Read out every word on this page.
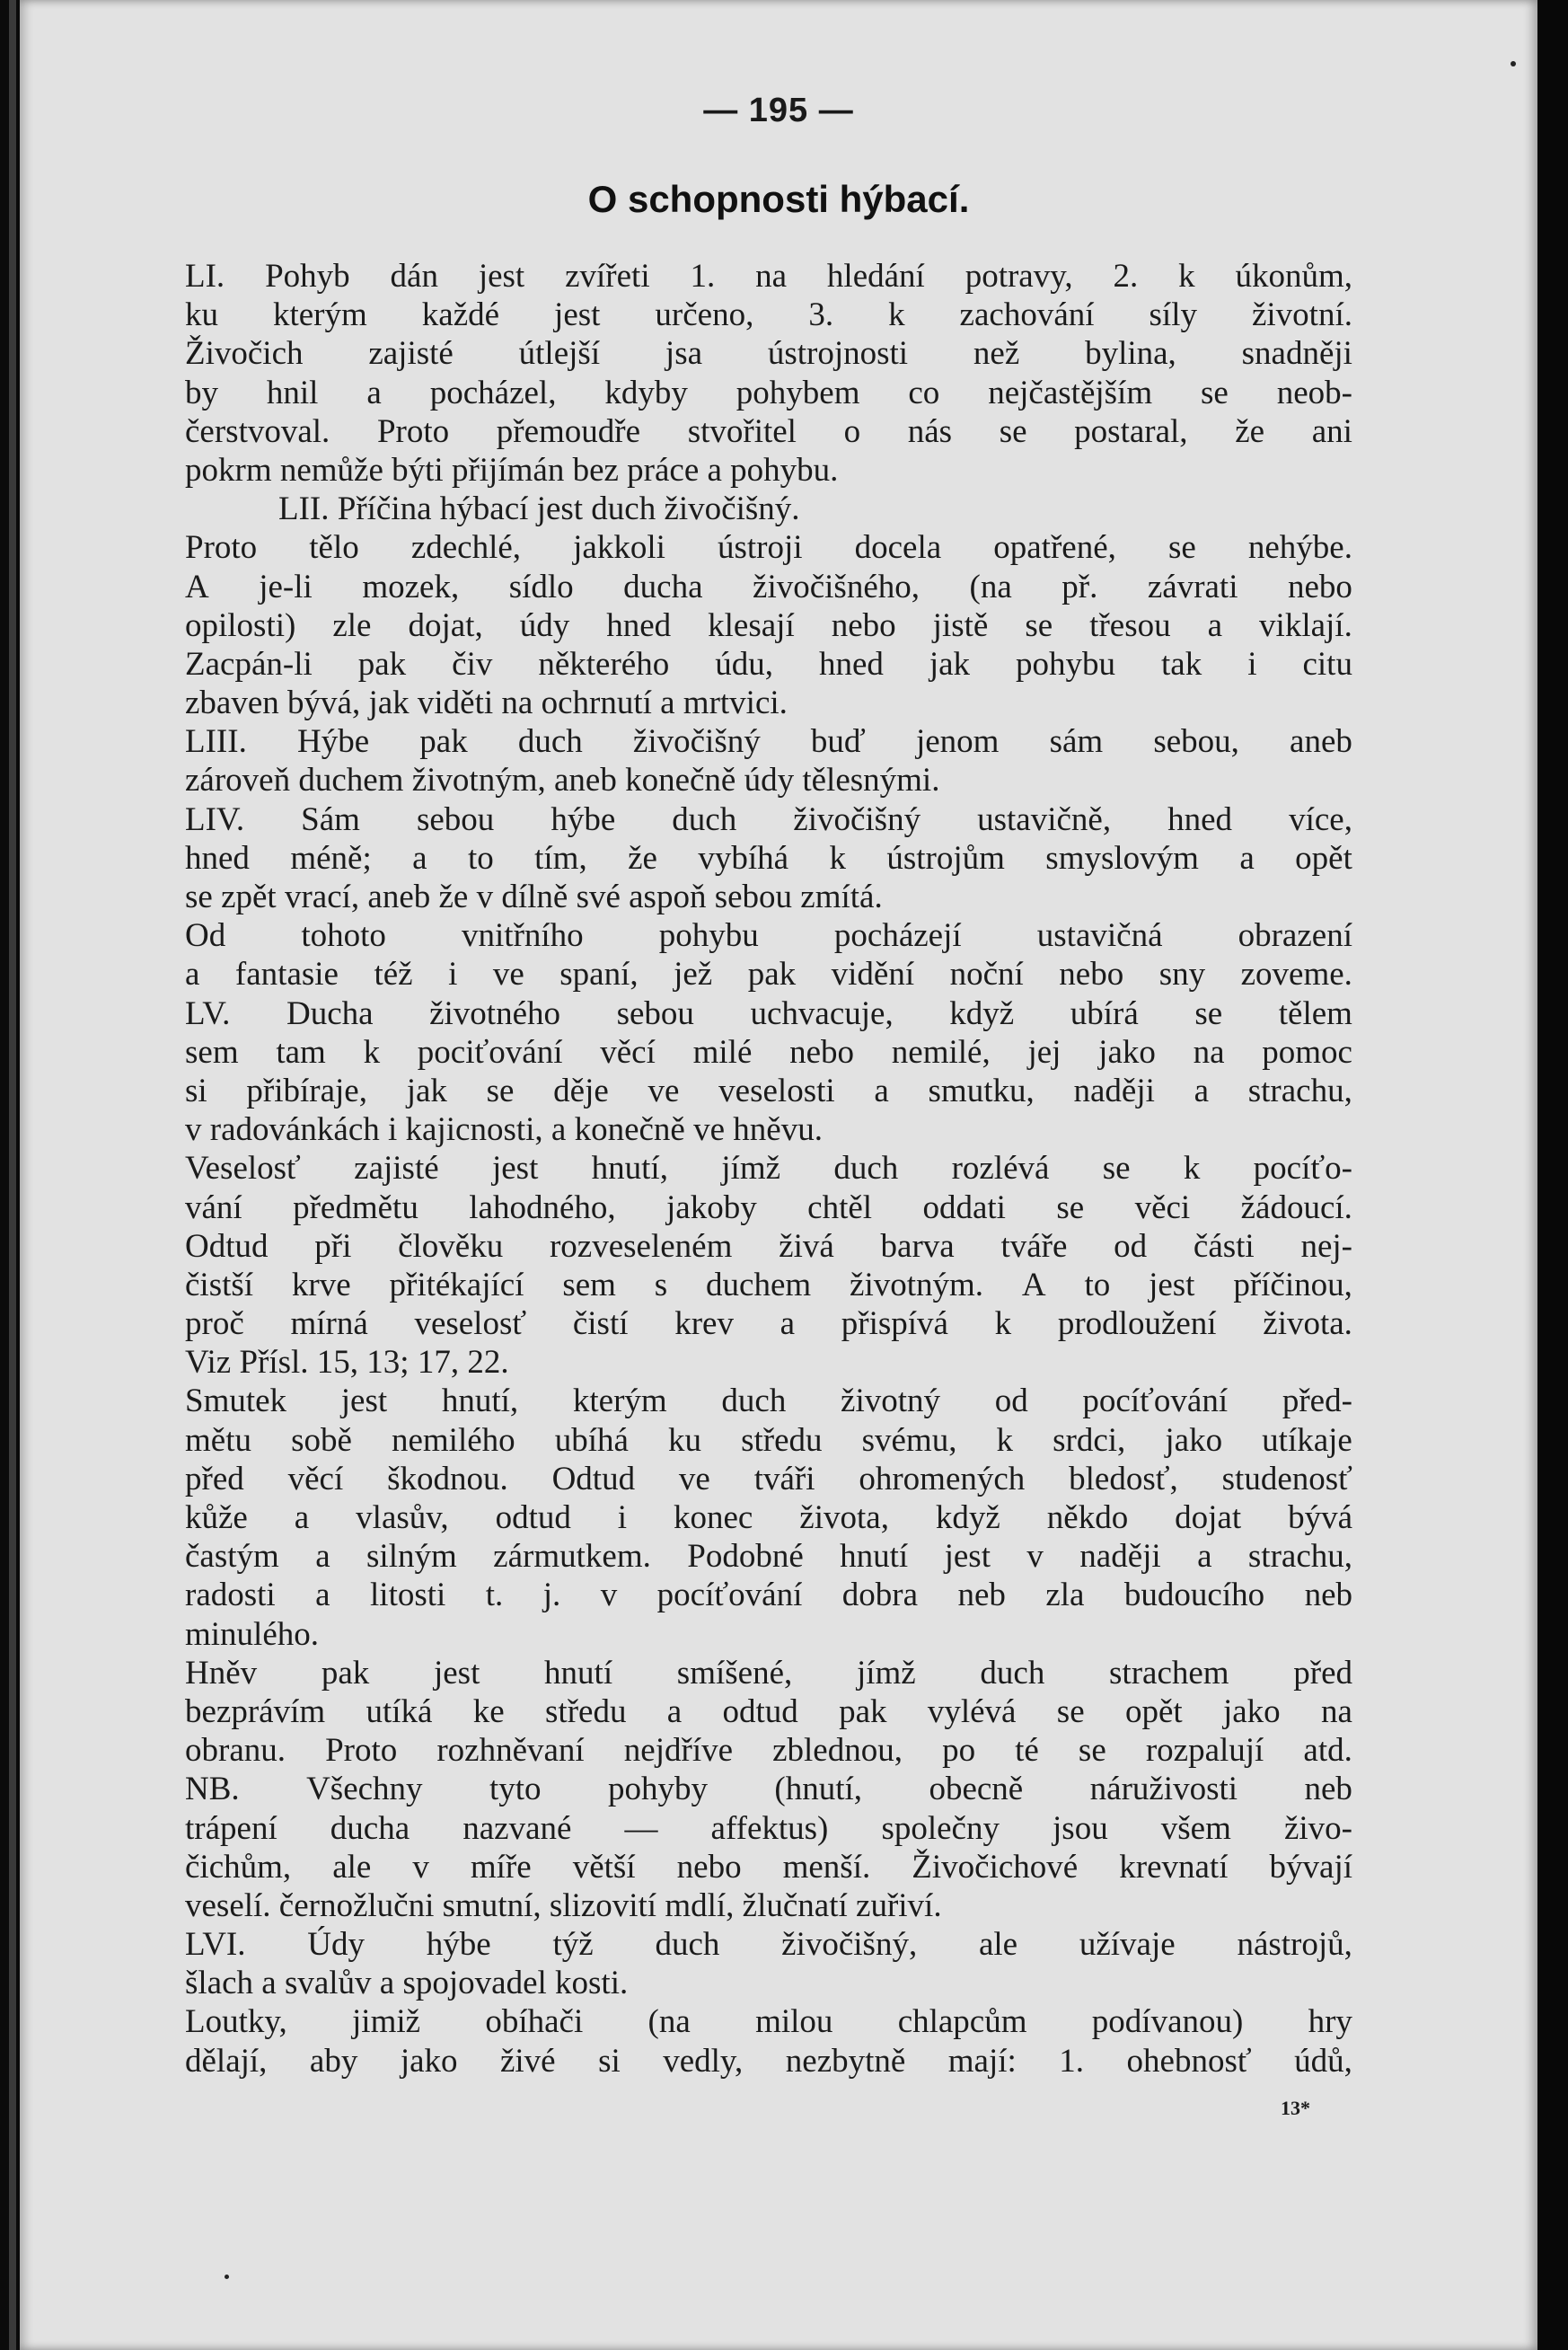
— 195 —
O schopnosti hýbací.
LI. Pohyb dán jest zvířeti 1. na hledání potravy, 2. k úkonům,
ku kterým každé jest určeno, 3. k zachování síly životní.
Živočich zajisté útlejší jsa ústrojnosti než bylina, snadněji
by hnil a pocházel, kdyby pohybem co nejčastějším se neob-
čerstvoval. Proto přemoudře stvořitel o nás se postaral, že ani
pokrm nemůže býti přijímán bez práce a pohybu.
LII. Příčina hýbací jest duch živočišný.
Proto tělo zdechlé, jakkoli ústroji docela opatřené, se nehýbe.
A je-li mozek, sídlo ducha živočišného, (na př. závrati nebo
opilosti) zle dojat, údy hned klesají nebo jistě se třesou a viklají.
Zacpán-li pak čiv některého údu, hned jak pohybu tak i citu
zbaven bývá, jak viděti na ochrnutí a mrtvici.
LIII. Hýbe pak duch živočišný buď jenom sám sebou, aneb
zároveň duchem životným, aneb konečně údy tělesnými.
LIV. Sám sebou hýbe duch živočišný ustavičně, hned více,
hned méně; a to tím, že vybíhá k ústrojům smyslovým a opět
se zpět vrací, aneb že v dílně své aspoň sebou zmítá.
Od tohoto vnitřního pohybu pocházejí ustavičná obrazení
a fantasie též i ve spaní, jež pak vidění noční nebo sny zoveme.
LV. Ducha životného sebou uchvacuje, když ubírá se tělem
sem tam k pociťování věcí milé nebo nemilé, jej jako na pomoc
si přibíraje, jak se děje ve veselosti a smutku, naději a strachu,
v radovánkách i kajicnosti, a konečně ve hněvu.
Veselosť zajisté jest hnutí, jímž duch rozlévá se k pocíťo-
vání předmětu lahodného, jakoby chtěl oddati se věci žádoucí.
Odtud při člověku rozveseleném živá barva tváře od části nej-
čistší krve přitékající sem s duchem životným. A to jest příčinou,
proč mírná veselosť čistí krev a přispívá k prodloužení života.
Viz Přísl. 15, 13; 17, 22.
Smutek jest hnutí, kterým duch životný od pocíťování před-
mětu sobě nemilého ubíhá ku středu svému, k srdci, jako utíkaje
před věcí škodnou. Odtud ve tváři ohromených bledosť, studenosť
kůže a vlasův, odtud i konec života, když někdo dojat bývá
častým a silným zármutkem. Podobné hnutí jest v naději a strachu,
radosti a litosti t. j. v pocíťování dobra neb zla budoucího neb
minulého.
Hněv pak jest hnutí smíšené, jímž duch strachem před
bezprávím utíká ke středu a odtud pak vylévá se opět jako na
obranu. Proto rozhněvaní nejdříve zblednou, po té se rozpalují atd.
NB. Všechny tyto pohyby (hnutí, obecně náruživosti neb
trápení ducha nazvané — affektus) společny jsou všem živo-
čichům, ale v míře větší nebo menší. Živočichové krevnatí bývají
veselí. černožlučni smutní, slizovití mdlí, žlučnatí zuřiví.
LVI. Údy hýbe týž duch živočišný, ale užívaje nástrojů,
šlach a svalův a spojovadel kosti.
Loutky, jimiž obíhači (na milou chlapcům podívanou) hry
dělají, aby jako živé si vedly, nezbytně mají: 1. ohebnosť údů,
13*
